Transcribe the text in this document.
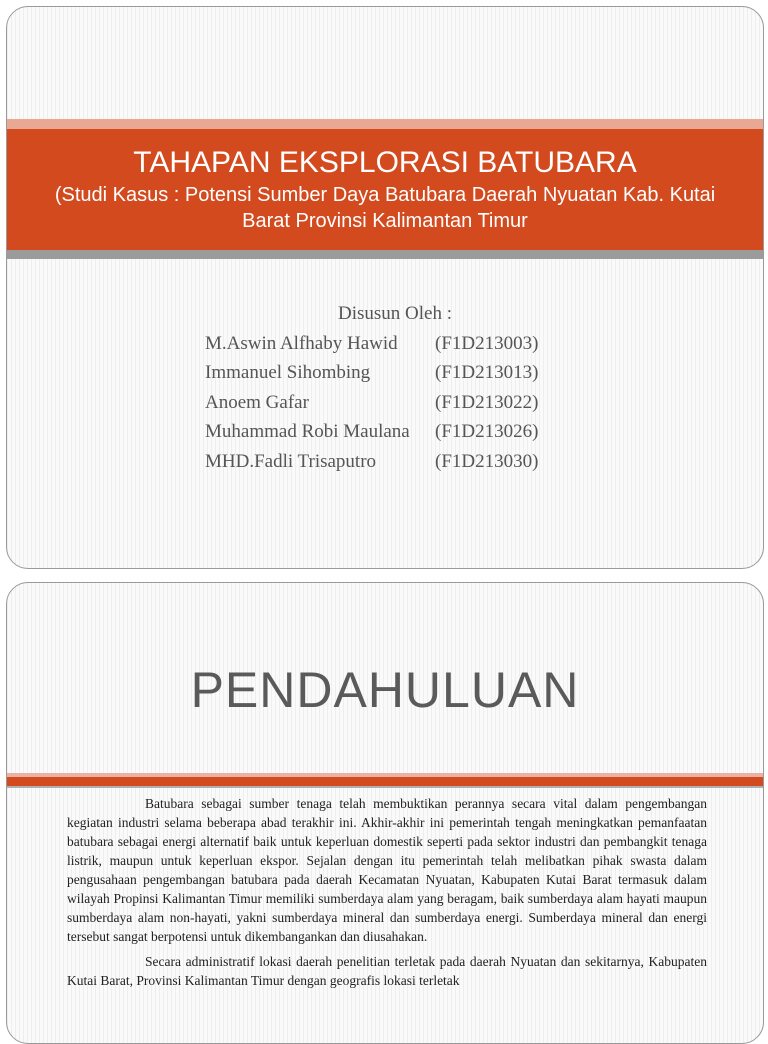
TAHAPAN EKSPLORASI BATUBARA
(Studi Kasus : Potensi Sumber Daya Batubara Daerah Nyuatan Kab. Kutai Barat Provinsi Kalimantan Timur
Disusun Oleh :
M.Aswin Alfhaby Hawid (F1D213003)
Immanuel Sihombing	(F1D213013)
Anoem Gafar	(F1D213022)
Muhammad Robi Maulana (F1D213026)
MHD.Fadli Trisaputro	(F1D213030)
PENDAHULUAN

Batubara sebagai sumber tenaga telah membuktikan perannya secara vital dalam pengembangan kegiatan industri selama beberapa abad terakhir ini. Akhir-akhir ini pemerintah tengah meningkatkan pemanfaatan batubara sebagai energi alternatif baik untuk keperluan domestik seperti pada sektor industri dan pembangkit tenaga listrik, maupun untuk keperluan ekspor. Sejalan dengan itu pemerintah telah melibatkan pihak swasta dalam pengusahaan pengembangan batubara pada daerah Kecamatan Nyuatan, Kabupaten Kutai Barat termasuk dalam wilayah Propinsi Kalimantan Timur memiliki sumberdaya alam yang beragam, baik sumberdaya alam hayati maupun sumberdaya alam non-hayati, yakni sumberdaya mineral dan sumberdaya energi. Sumberdaya mineral dan energi tersebut sangat berpotensi untuk dikembangankan dan diusahakan.

Secara administratif lokasi daerah penelitian terletak pada daerah Nyuatan dan sekitarnya, Kabupaten Kutai Barat, Provinsi Kalimantan Timur dengan geografis lokasi terletak
